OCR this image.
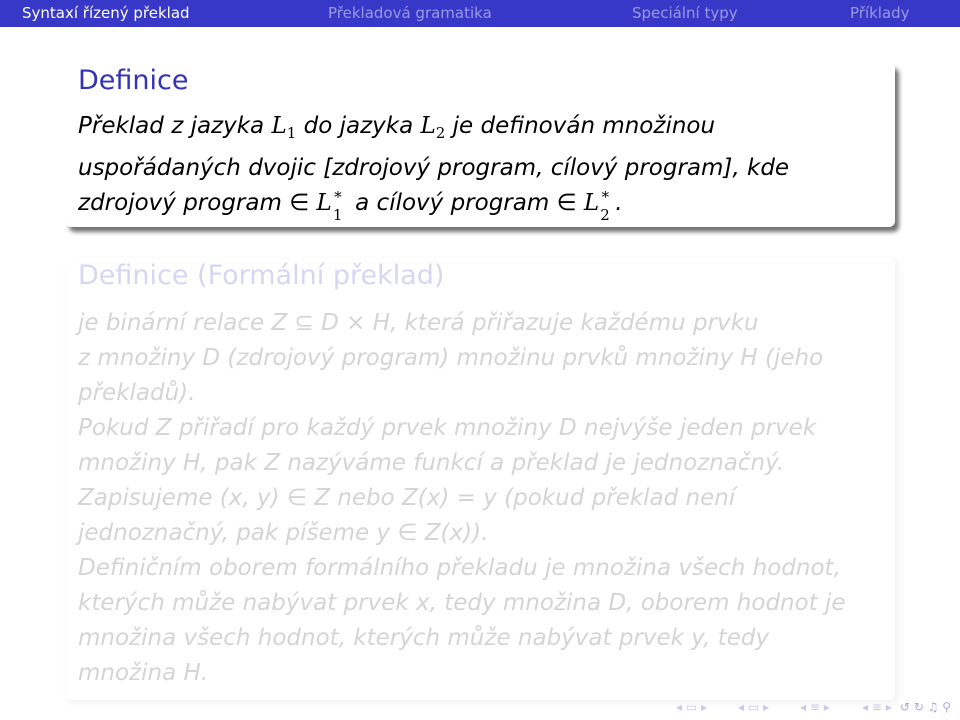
Syntaxí řízený překlad	Překladová gramatika	Speciální typy	Příklady
Definice
Překlad z jazyka $L_1$ do jazyka $L_2$ je definován množinou
uspořádaných dvojic [zdrojový program, cílový program], kde
zdrojový program ∈ L ∗
1 a cílový program ∈ L ∗
2 .
Definice (Formální překlad)
je binární relace Z ⊆ D × H, která přiřazuje každému prvku
z množiny D (zdrojový program) množinu prvků množiny H (jeho
překladů).
Pokud Z přiřadí pro každý prvek množiny D nejvýše jeden prvek
množiny H, pak Z nazýváme funkcí a překlad je jednoznačný.
Zapisujeme (x, y) ∈ Z nebo Z(x) = y (pokud překlad není
jednoznačný, pak píšeme y ∈ Z(x)).
Definičním oborem formálního překladu je množina všech hodnot,
kterých může nabývat prvek x, tedy množina D, oborem hodnot je
množina všech hodnot, kterých může nabývat prvek y, tedy
množina H.
◂ ▭ ▸	◂ ▭ ▸	◂ ≡ ▸	◂ ≡ ▸ ↺ ↻ ♫ ⚲
